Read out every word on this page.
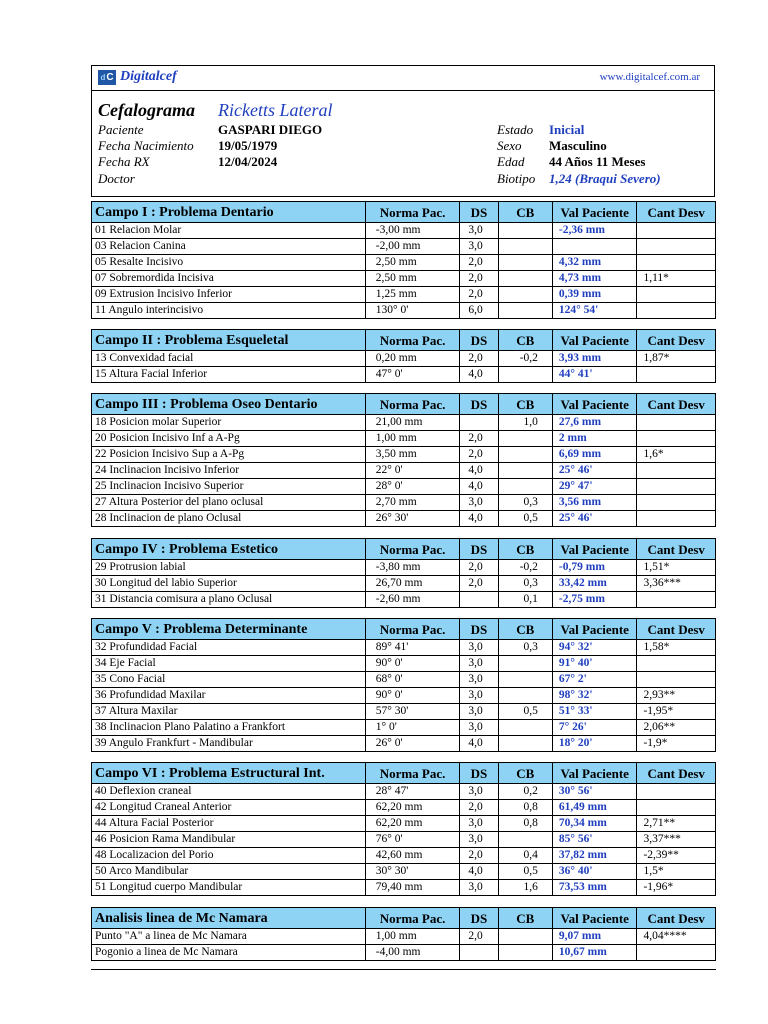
d C Digitalcef	www.digitalcef.com.ar
Cefalograma Ricketts Lateral
Paciente	GASPARI DIEGO
Fecha Nacimiento 19/05/1979
Fecha RX	12/04/2024
Doctor
Estado Inicial
Sexo Masculino
Edad 44 Años 11 Meses
Biotipo 1,24 (Braqui Severo)
Campo I : Problema Dentario	Norma Pac.	DS	CB	Val Paciente	Cant Desv
01 Relacion Molar	-3,00 mm	3,0		-2,36 mm	
03 Relacion Canina	-2,00 mm	3,0			
05 Resalte Incisivo	2,50 mm	2,0		4,32 mm	
07 Sobremordida Incisiva	2,50 mm	2,0		4,73 mm	1,11*
09 Extrusion Incisivo Inferior	1,25 mm	2,0		0,39 mm	
11 Angulo interincisivo	130° 0'	6,0		124° 54'	
Campo II : Problema Esqueletal	Norma Pac.	DS	CB	Val Paciente	Cant Desv
13 Convexidad facial	0,20 mm	2,0	-0,2	3,93 mm	1,87*
15 Altura Facial Inferior	47° 0'	4,0		44° 41'	
Campo III : Problema Oseo Dentario	Norma Pac.	DS	CB	Val Paciente	Cant Desv
18 Posicion molar Superior	21,00 mm		1,0	27,6 mm	
20 Posicion Incisivo Inf a A-Pg	1,00 mm	2,0		2 mm	
22 Posicion Incisivo Sup a A-Pg	3,50 mm	2,0		6,69 mm	1,6*
24 Inclinacion Incisivo Inferior	22° 0'	4,0		25° 46'	
25 Inclinacion Incisivo Superior	28° 0'	4,0		29° 47'	
27 Altura Posterior del plano oclusal	2,70 mm	3,0	0,3	3,56 mm	
28 Inclinacion de plano Oclusal	26° 30'	4,0	0,5	25° 46'	
Campo IV : Problema Estetico	Norma Pac.	DS	CB	Val Paciente	Cant Desv
29 Protrusion labial	-3,80 mm	2,0	-0,2	-0,79 mm	1,51*
30 Longitud del labio Superior	26,70 mm	2,0	0,3	33,42 mm	3,36***
31 Distancia comisura a plano Oclusal	-2,60 mm		0,1	-2,75 mm	
Campo V : Problema Determinante	Norma Pac.	DS	CB	Val Paciente	Cant Desv
32 Profundidad Facial	89° 41'	3,0	0,3	94° 32'	1,58*
34 Eje Facial	90° 0'	3,0		91° 40'	
35 Cono Facial	68° 0'	3,0		67° 2'	
36 Profundidad Maxilar	90° 0'	3,0		98° 32'	2,93**
37 Altura Maxilar	57° 30'	3,0	0,5	51° 33'	-1,95*
38 Inclinacion Plano Palatino a Frankfort	1° 0'	3,0		7° 26'	2,06**
39 Angulo Frankfurt - Mandibular	26° 0'	4,0		18° 20'	-1,9*
Campo VI : Problema Estructural Int.	Norma Pac.	DS	CB	Val Paciente	Cant Desv
40 Deflexion craneal	28° 47'	3,0	0,2	30° 56'	
42 Longitud Craneal Anterior	62,20 mm	2,0	0,8	61,49 mm	
44 Altura Facial Posterior	62,20 mm	3,0	0,8	70,34 mm	2,71**
46 Posicion Rama Mandibular	76° 0'	3,0		85° 56'	3,37***
48 Localizacion del Porio	42,60 mm	2,0	0,4	37,82 mm	-2,39**
50 Arco Mandibular	30° 30'	4,0	0,5	36° 40'	1,5*
51 Longitud cuerpo Mandibular	79,40 mm	3,0	1,6	73,53 mm	-1,96*
Analisis linea de Mc Namara	Norma Pac.	DS	CB	Val Paciente	Cant Desv
Punto "A" a linea de Mc Namara	1,00 mm	2,0		9,07 mm	4,04****
Pogonio a linea de Mc Namara	-4,00 mm			10,67 mm	
